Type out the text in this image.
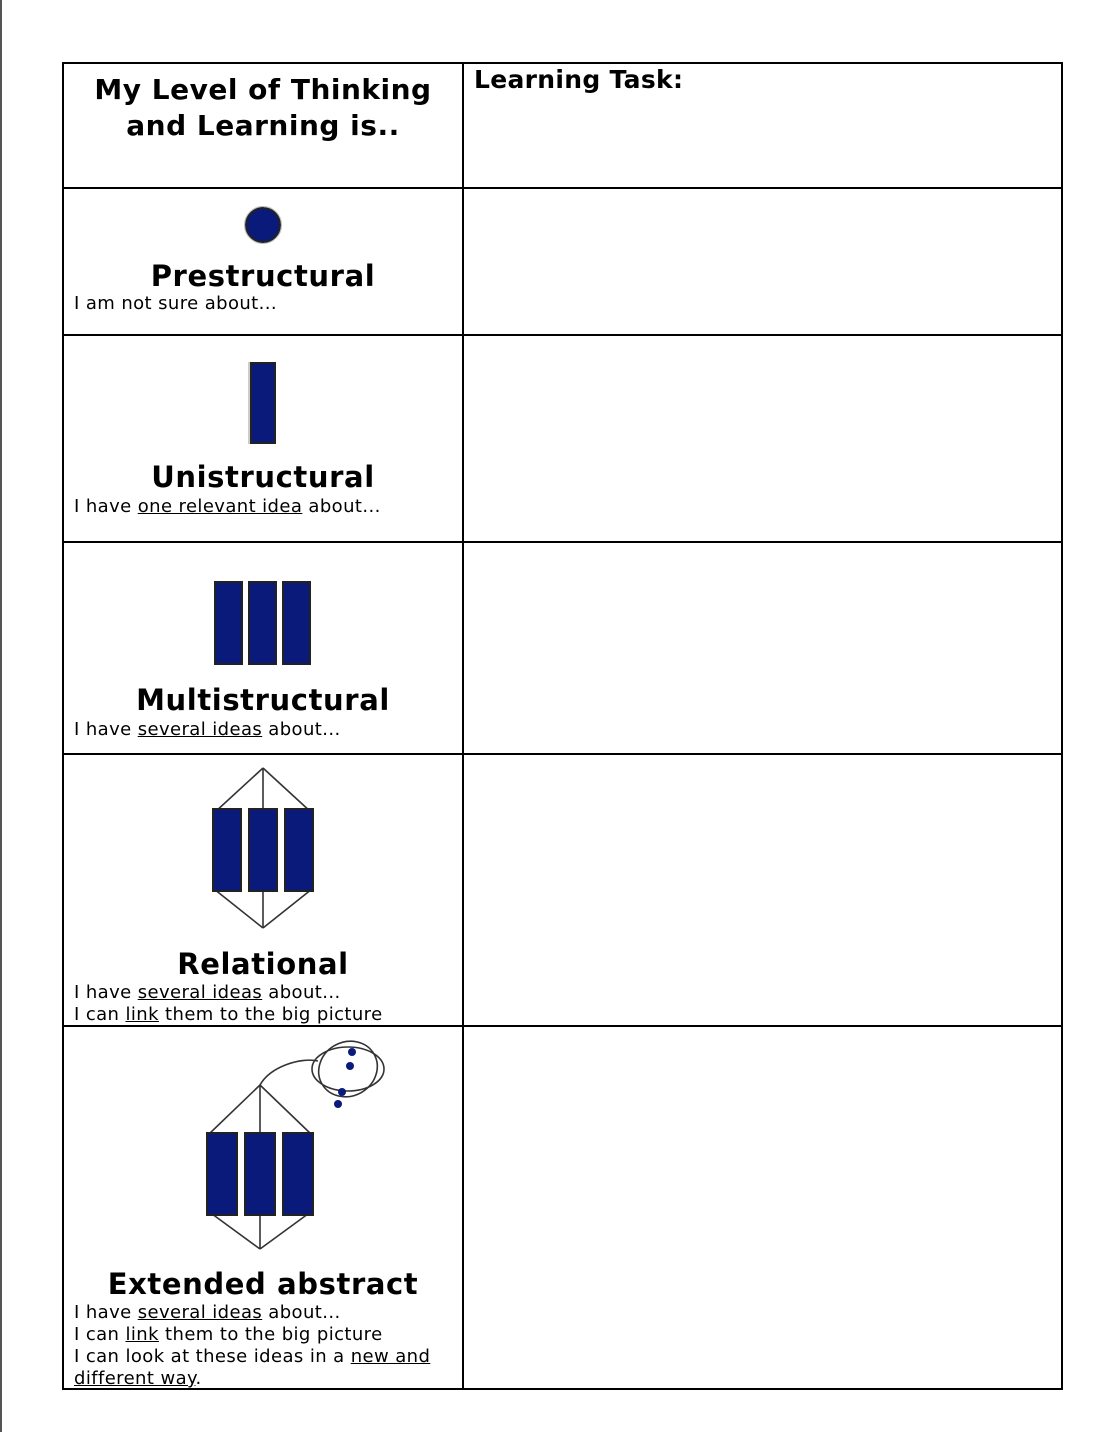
My Level of Thinking and Learning is..
Learning Task:
Prestructural
I am not sure about...
Unistructural
I have one relevant idea about...
Multistructural
I have several ideas about...
Relational
I have several ideas about...
I can link them to the big picture
Extended abstract
I have several ideas about...
I can link them to the big picture
I can look at these ideas in a new and different way.
